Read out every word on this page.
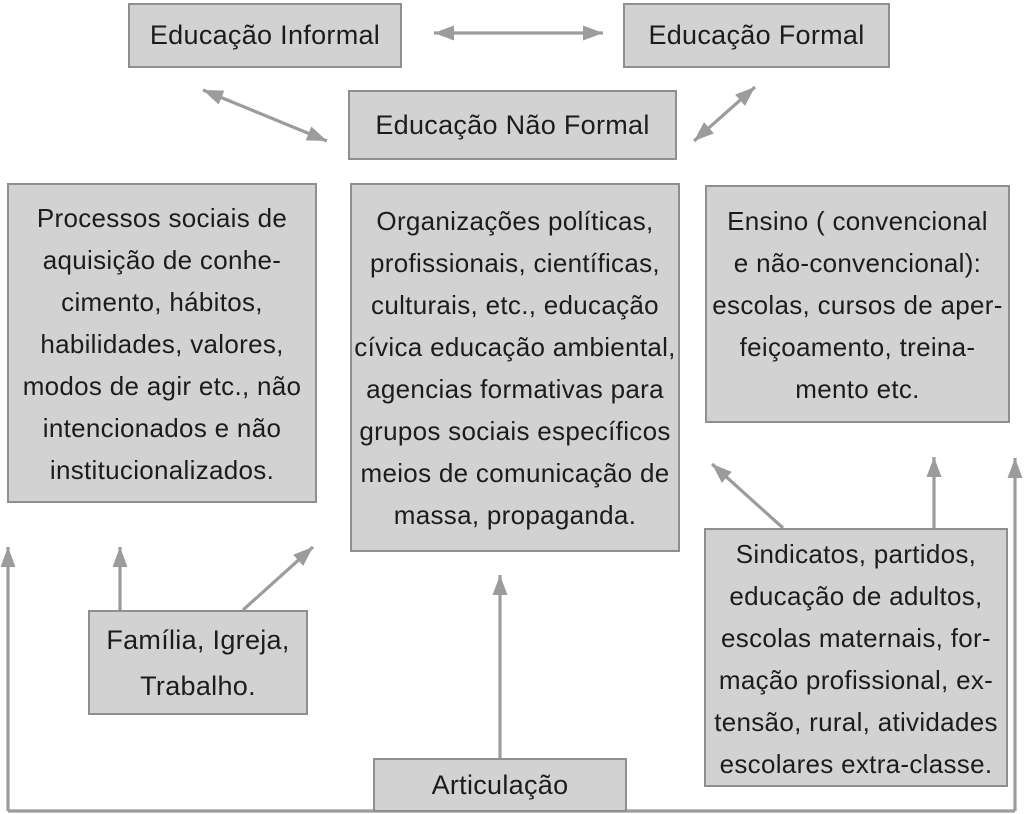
Educação Informal	Educação Formal
Educação Não Formal
Processos sociais de
aquisição de conhe-
cimento, hábitos,
habilidades, valores,
modos de agir etc., não
intencionados e não
institucionalizados.
Organizações políticas,
profissionais, científicas,
culturais, etc., educação
cívica educação ambiental,
agencias formativas para
grupos sociais específicos
meios de comunicação de
massa, propaganda.
Ensino ( convencional
e não-convencional):
escolas, cursos de aper-
feiçoamento, treina-
mento etc.
Família, Igreja,
Trabalho.
Sindicatos, partidos,
educação de adultos,
escolas maternais, for-
mação profissional, ex-
tensão, rural, atividades
escolares extra-classe.
Articulação
